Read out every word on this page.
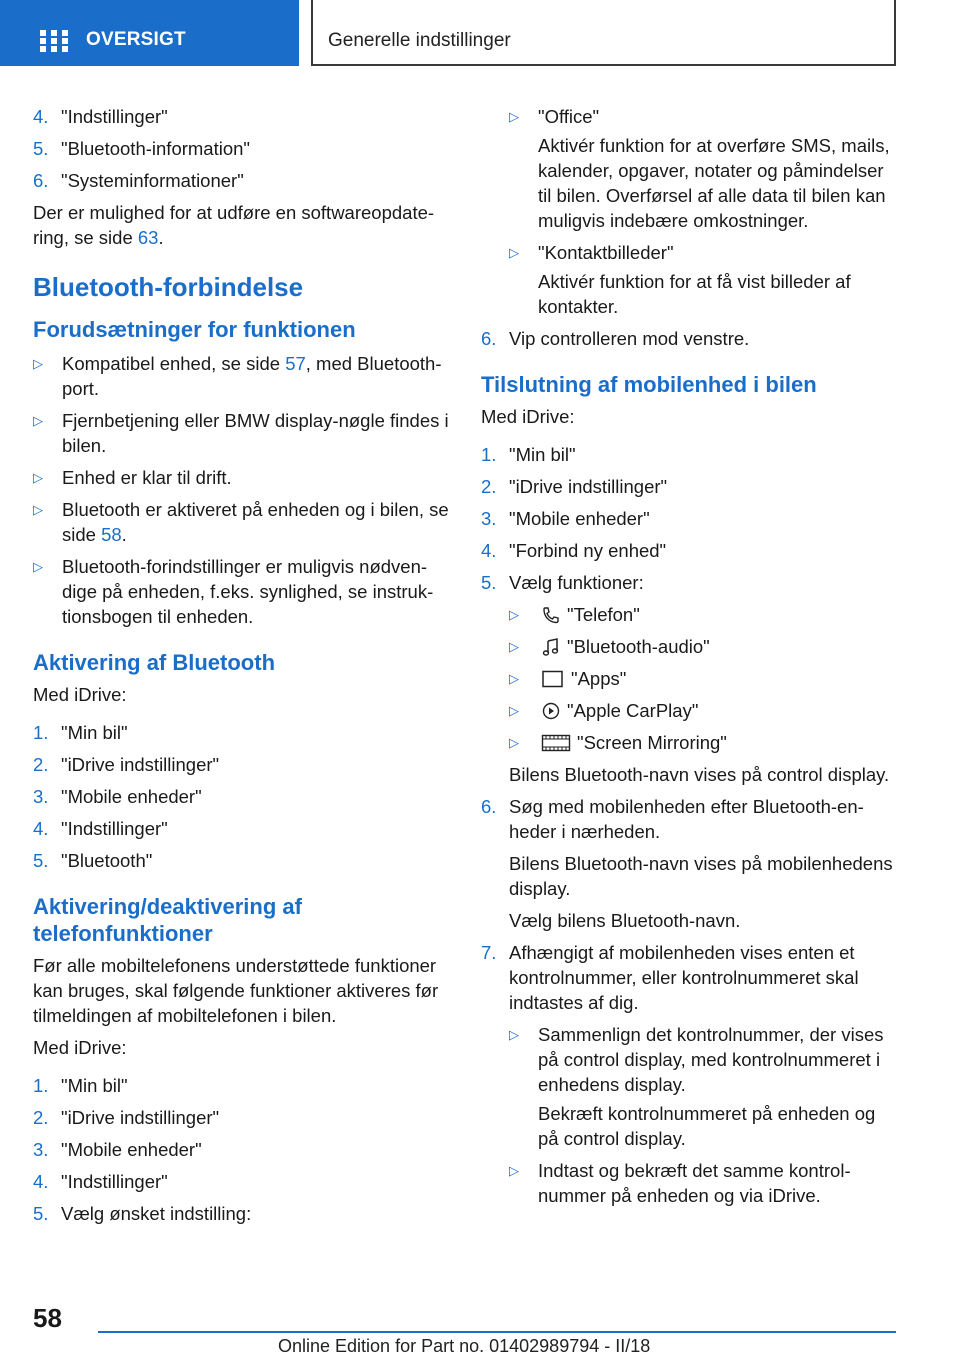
OVERSIGT	Generelle indstillinger
4. "Indstillinger"
5. "Bluetooth-information"
6. "Systeminformationer"

Der er mulighed for at udføre en softwareopdatering, se side 63.

Bluetooth-forbindelse
Forudsætninger for funktionen
▷	Kompatibel enhed, se side 57, med Bluetooth-port.
▷	Fjernbetjening eller BMW display-nøgle findes i bilen.
▷	Enhed er klar til drift.
▷	Bluetooth er aktiveret på enheden og i bilen, se side 58.
▷	Bluetooth-forindstillinger er muligvis nødvendige på enheden, f.eks. synlighed, se instruktionsbogen til enheden.
Aktivering af Bluetooth

Med iDrive:

1. "Min bil"
2. "iDrive indstillinger"
3. "Mobile enheder"
4. "Indstillinger"
5. "Bluetooth"
Aktivering/deaktivering af telefonfunktioner

Før alle mobiltelefonens understøttede funktioner kan bruges, skal følgende funktioner aktiveres før tilmeldingen af mobiltelefonen i bilen.

Med iDrive:

1. "Min bil"
2. "iDrive indstillinger"
3. "Mobile enheder"
4. "Indstillinger"
5. Vælg ønsket indstilling:
▷	"Office"

Aktivér funktion for at overføre SMS, mails, kalender, opgaver, notater og påmindelser til bilen. Overførsel af alle data til bilen kan muligvis indebære omkostninger.

▷	"Kontaktbilleder"

Aktivér funktion for at få vist billeder af kontakter.

6. Vip controlleren mod venstre.
Tilslutning af mobilenhed i bilen

Med iDrive:

1. "Min bil"
2. "iDrive indstillinger"
3. "Mobile enheder"
4. "Forbind ny enhed"
5. Vælg funktioner:
▷	"Telefon"
▷	"Bluetooth-audio"
▷	"Apps"
▷	"Apple CarPlay"
▷	"Screen Mirroring"

Bilens Bluetooth-navn vises på control display.

6. Søg med mobilenheden efter Bluetooth-enheder i nærheden.

Bilens Bluetooth-navn vises på mobilenhedens display.

Vælg bilens Bluetooth-navn.

7. Afhængigt af mobilenheden vises enten et kontrolnummer, eller kontrolnummeret skal indtastes af dig.
▷	Sammenlign det kontrolnummer, der vises på control display, med kontrolnummeret i enhedens display.

Bekræft kontrolnummeret på enheden og på control display.

▷	Indtast og bekræft det samme kontrolnummer på enheden og via iDrive.
58
Online Edition for Part no. 01402989794 - II/18
